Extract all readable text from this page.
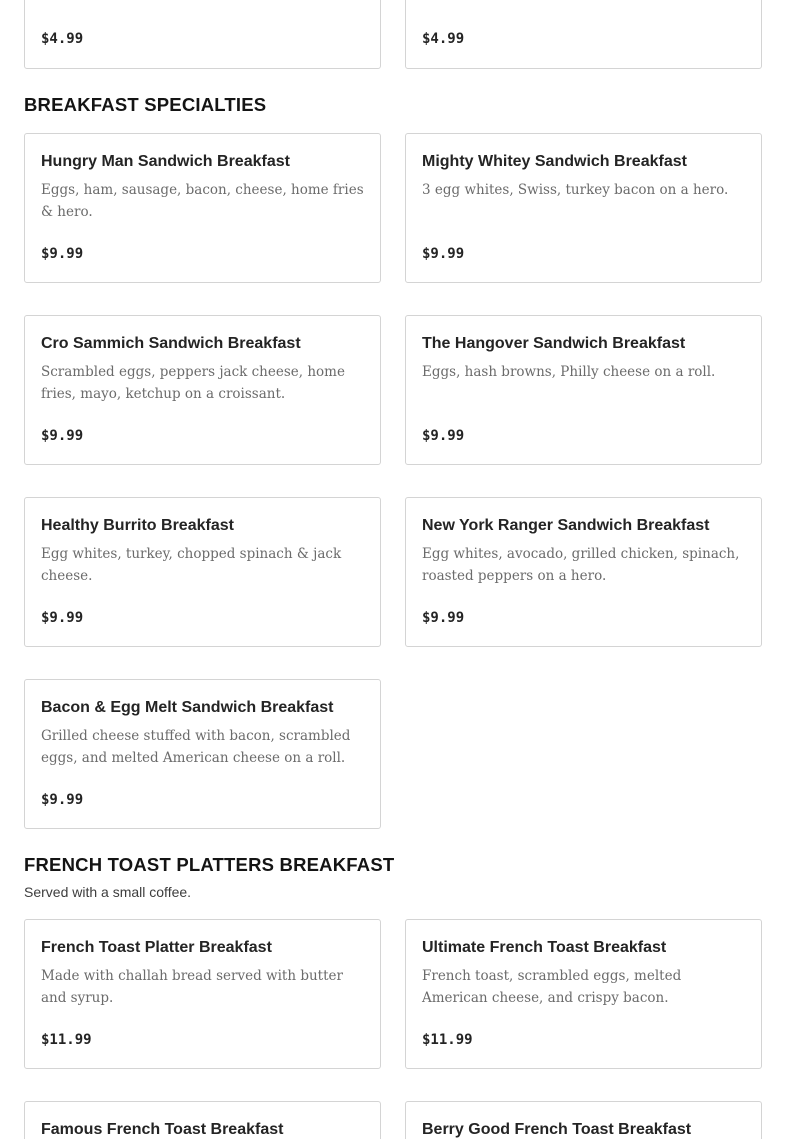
$4.99	$4.99
BREAKFAST SPECIALTIES
Hungry Man Sandwich Breakfast
Eggs, ham, sausage, bacon, cheese, home fries & hero.
$9.99
Mighty Whitey Sandwich Breakfast
3 egg whites, Swiss, turkey bacon on a hero.
$9.99
Cro Sammich Sandwich Breakfast
Scrambled eggs, peppers jack cheese, home fries, mayo, ketchup on a croissant.
$9.99
The Hangover Sandwich Breakfast
Eggs, hash browns, Philly cheese on a roll.
$9.99
Healthy Burrito Breakfast
Egg whites, turkey, chopped spinach & jack cheese.
$9.99
New York Ranger Sandwich Breakfast
Egg whites, avocado, grilled chicken, spinach, roasted peppers on a hero.
$9.99
Bacon & Egg Melt Sandwich Breakfast
Grilled cheese stuffed with bacon, scrambled eggs, and melted American cheese on a roll.
$9.99
FRENCH TOAST PLATTERS BREAKFAST
Served with a small coffee.
French Toast Platter Breakfast
Made with challah bread served with butter and syrup.
$11.99
Ultimate French Toast Breakfast
French toast, scrambled eggs, melted American cheese, and crispy bacon.
$11.99
Famous French Toast Breakfast	Berry Good French Toast Breakfast
